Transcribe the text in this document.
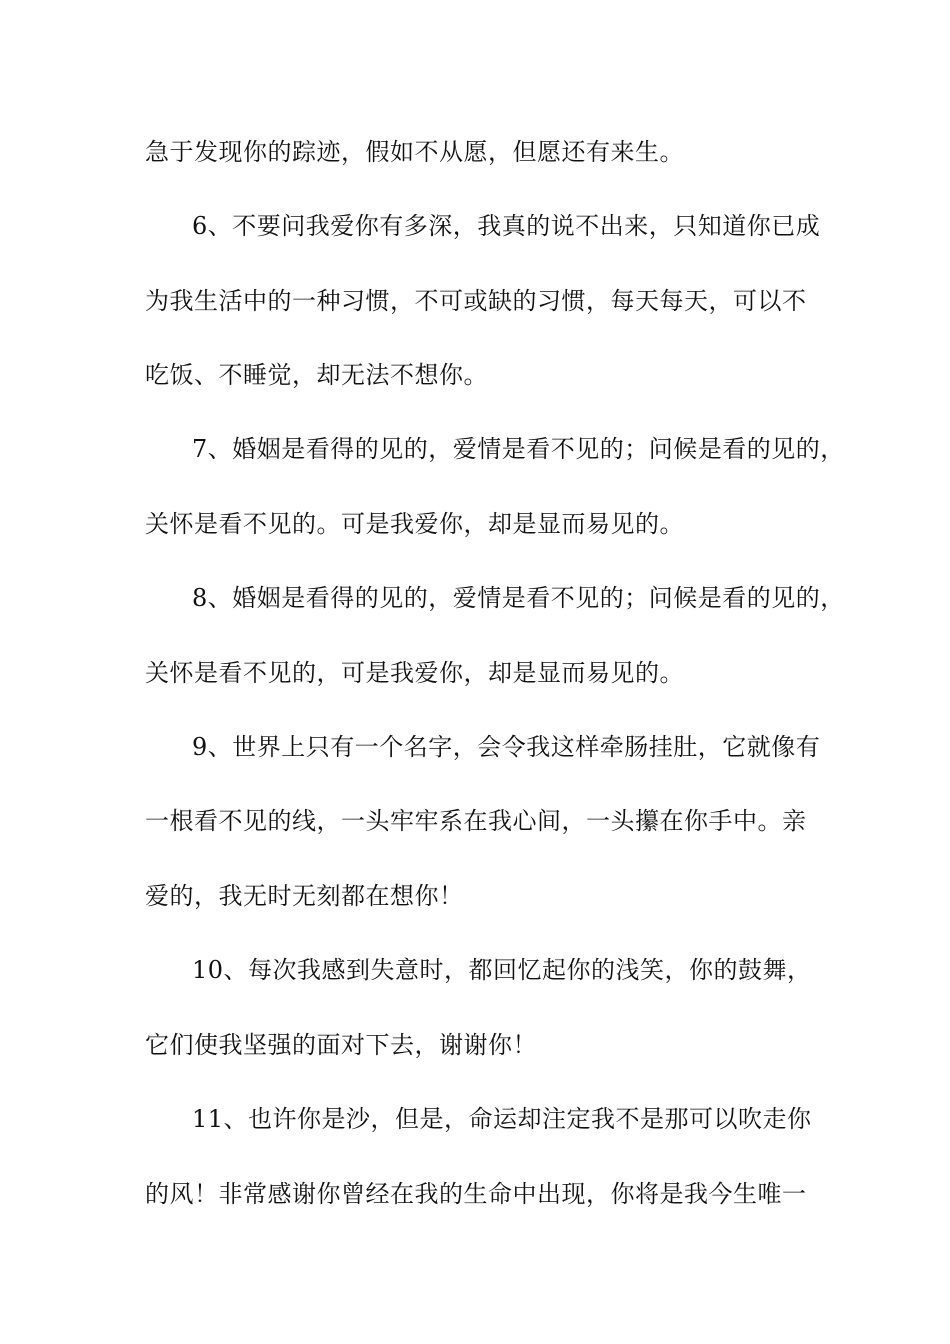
急于发现你的踪迹，假如不从愿，但愿还有来生。
6、不要问我爱你有多深，我真的说不出来，只知道你已成
为我生活中的一种习惯，不可或缺的习惯，每天每天，可以不
吃饭、不睡觉，却无法不想你。
7、婚姻是看得的见的，爱情是看不见的；问候是看的见的，
关怀是看不见的。可是我爱你，却是显而易见的。
8、婚姻是看得的见的，爱情是看不见的；问候是看的见的，
关怀是看不见的，可是我爱你，却是显而易见的。
9、世界上只有一个名字，会令我这样牵肠挂肚，它就像有
一根看不见的线，一头牢牢系在我心间，一头攥在你手中。亲
爱的，我无时无刻都在想你！
10、每次我感到失意时，都回忆起你的浅笑，你的鼓舞，
它们使我坚强的面对下去，谢谢你！
11、也许你是沙，但是，命运却注定我不是那可以吹走你
的风！非常感谢你曾经在我的生命中出现，你将是我今生唯一
